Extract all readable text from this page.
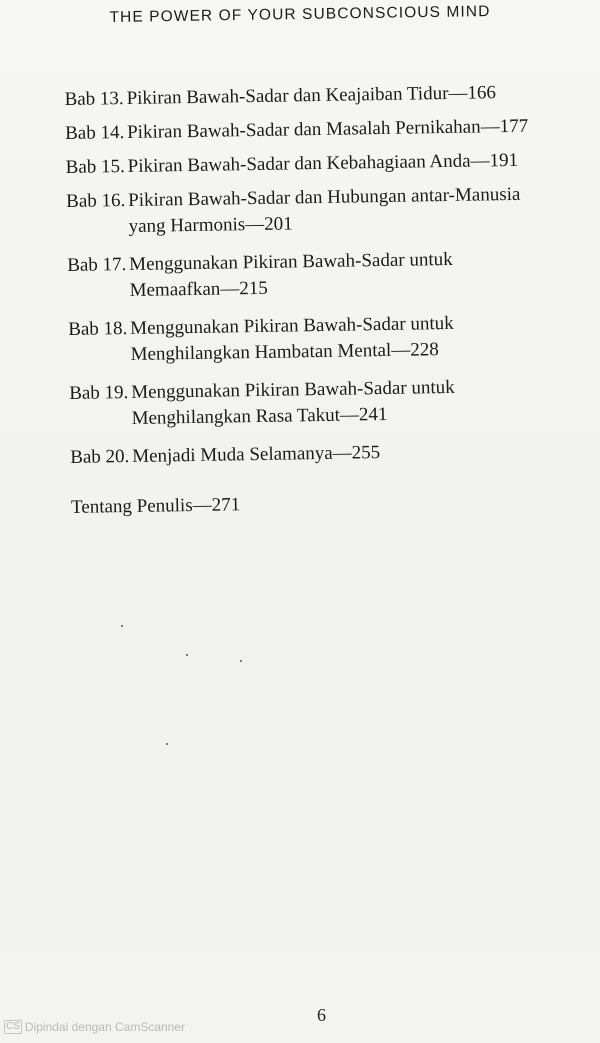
THE POWER OF YOUR SUBCONSCIOUS MIND
Bab 13. Pikiran Bawah-Sadar dan Keajaiban Tidur—166
Bab 14. Pikiran Bawah-Sadar dan Masalah Pernikahan—177
Bab 15. Pikiran Bawah-Sadar dan Kebahagiaan Anda—191
Bab 16. Pikiran Bawah-Sadar dan Hubungan antar-Manusia
yang Harmonis—201
Bab 17. Menggunakan Pikiran Bawah-Sadar untuk
Memaafkan—215
Bab 18. Menggunakan Pikiran Bawah-Sadar untuk
Menghilangkan Hambatan Mental—228
Bab 19. Menggunakan Pikiran Bawah-Sadar untuk
Menghilangkan Rasa Takut—241
Bab 20. Menjadi Muda Selamanya—255
Tentang Penulis—271
6
CS Dipindai dengan CamScanner
